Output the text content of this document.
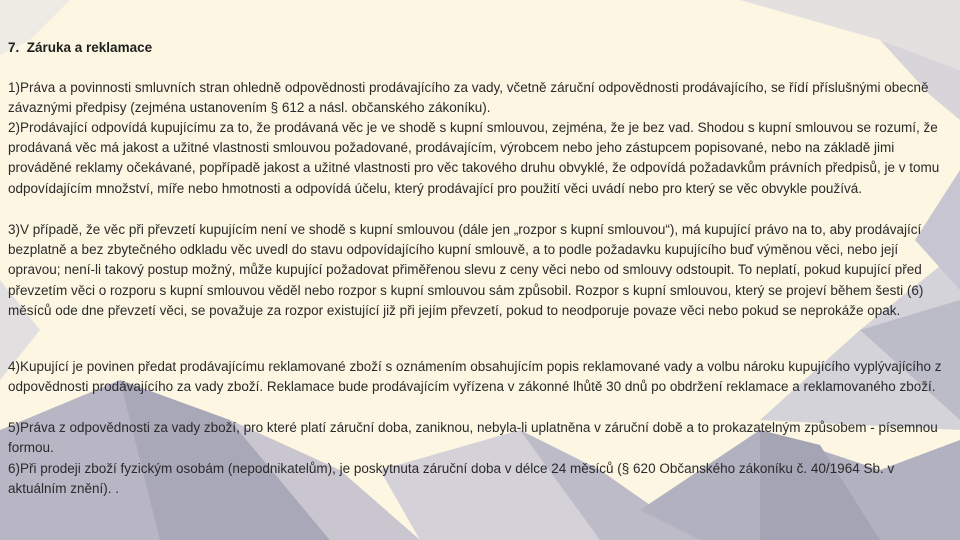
7.  Záruka a reklamace

1)Práva a povinnosti smluvních stran ohledně odpovědnosti prodávajícího za vady, včetně záruční odpovědnosti prodávajícího, se řídí příslušnými obecně závaznými předpisy (zejména ustanovením § 612 a násl. občanského zákoníku).

2)Prodávající odpovídá kupujícímu za to, že prodávaná věc je ve shodě s kupní smlouvou, zejména, že je bez vad. Shodou s kupní smlouvou se rozumí, že prodávaná věc má jakost a užitné vlastnosti smlouvou požadované, prodávajícím, výrobcem nebo jeho zástupcem popisované, nebo na základě jimi prováděné reklamy očekávané, popřípadě jakost a užitné vlastnosti pro věc takového druhu obvyklé, že odpovídá požadavkům právních předpisů, je v tomu odpovídajícím množství, míře nebo hmotnosti a odpovídá účelu, který prodávající pro použití věci uvádí nebo pro který se věc obvykle používá.

3)V případě, že věc při převzetí kupujícím není ve shodě s kupní smlouvou (dále jen „rozpor s kupní smlouvou“), má kupující právo na to, aby prodávající bezplatně a bez zbytečného odkladu věc uvedl do stavu odpovídajícího kupní smlouvě, a to podle požadavku kupujícího buď výměnou věci, nebo její opravou; není-li takový postup možný, může kupující požadovat přiměřenou slevu z ceny věci nebo od smlouvy odstoupit. To neplatí, pokud kupující před převzetím věci o rozporu s kupní smlouvou věděl nebo rozpor s kupní smlouvou sám způsobil. Rozpor s kupní smlouvou, který se projeví během šesti (6) měsíců ode dne převzetí věci, se považuje za rozpor existující již při jejím převzetí, pokud to neodporuje povaze věci nebo pokud se neprokáže opak.

4)Kupující je povinen předat prodávajícímu reklamované zboží s oznámením obsahujícím popis reklamované vady a volbu nároku kupujícího vyplývajícího z odpovědnosti prodávajícího za vady zboží. Reklamace bude prodávajícím vyřízena v zákonné lhůtě 30 dnů po obdržení reklamace a reklamovaného zboží.

5)Práva z odpovědnosti za vady zboží, pro které platí záruční doba, zaniknou, nebyla-li uplatněna v záruční době a to prokazatelným způsobem - písemnou formou.

6)Při prodeji zboží fyzickým osobám (nepodnikatelům), je poskytnuta záruční doba v délce 24 měsíců (§ 620 Občanského zákoníku č. 40/1964 Sb. v aktuálním znění). .
